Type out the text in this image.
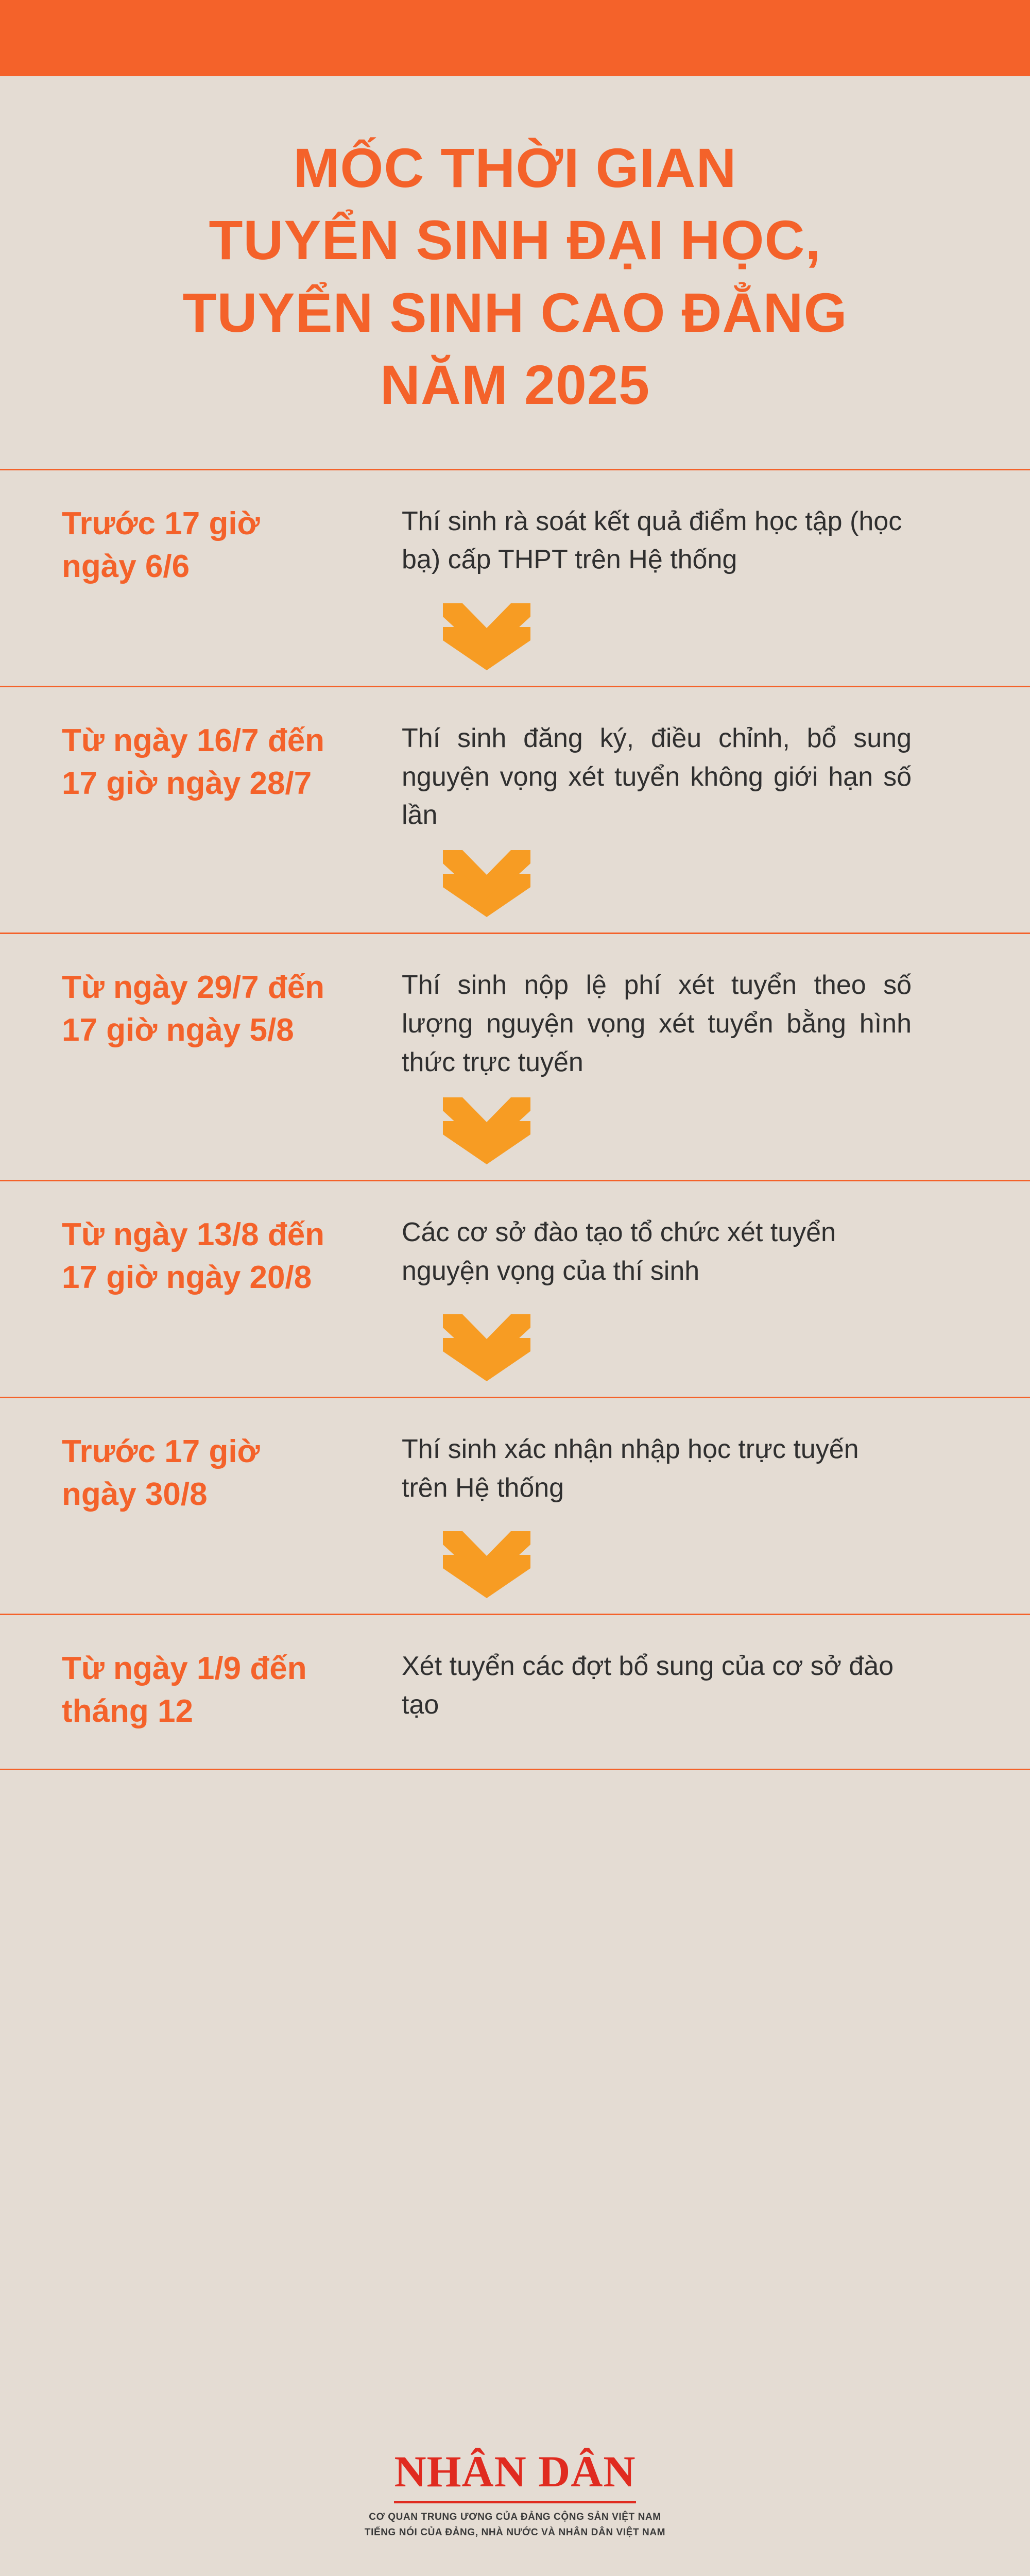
MỐC THỜI GIAN
TUYỂN SINH ĐẠI HỌC,
TUYỂN SINH CAO ĐẲNG
NĂM 2025
Trước 17 giờ
ngày 6/6
Thí sinh rà soát kết quả điểm học tập (học bạ) cấp THPT trên Hệ thống
Từ ngày 16/7 đến
17 giờ ngày 28/7
Thí sinh đăng ký, điều chỉnh, bổ sung nguyện vọng xét tuyển không giới hạn số lần
Từ ngày 29/7 đến
17 giờ ngày 5/8
Thí sinh nộp lệ phí xét tuyển theo số lượng nguyện vọng xét tuyển bằng hình thức trực tuyến
Từ ngày 13/8 đến
17 giờ ngày 20/8
Các cơ sở đào tạo tổ chức xét tuyển nguyện vọng của thí sinh
Trước 17 giờ
ngày 30/8
Thí sinh xác nhận nhập học trực tuyến trên Hệ thống
Từ ngày 1/9 đến
tháng 12
Xét tuyển các đợt bổ sung của cơ sở đào tạo
NHÂN DÂN
CƠ QUAN TRUNG ƯƠNG CỦA ĐẢNG CỘNG SẢN VIỆT NAM
TIẾNG NÓI CỦA ĐẢNG, NHÀ NƯỚC VÀ NHÂN DÂN VIỆT NAM
